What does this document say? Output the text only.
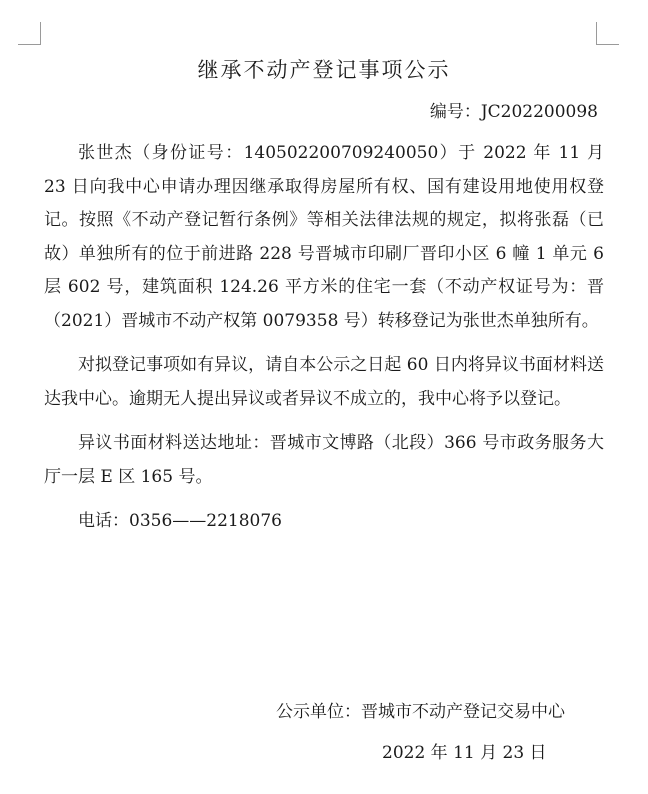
继承不动产登记事项公示
编号：JC202200098

张世杰（身份证号：140502200709240050）于 2022 年 11 月 23 日向我中心申请办理因继承取得房屋所有权、国有建设用地使用权登记。按照《不动产登记暂行条例》等相关法律法规的规定，拟将张磊（已故）单独所有的位于前进路 228 号晋城市印刷厂晋印小区 6 幢 1 单元 6 层 602 号，建筑面积 124.26 平方米的住宅一套（不动产权证号为：晋（2021）晋城市不动产权第 0079358 号）转移登记为张世杰单独所有。

对拟登记事项如有异议，请自本公示之日起 60 日内将异议书面材料送达我中心。逾期无人提出异议或者异议不成立的，我中心将予以登记。

异议书面材料送达地址：晋城市文博路（北段）366 号市政务服务大厅一层 E 区 165 号。

电话：0356——2218076

公示单位：晋城市不动产登记交易中心
2022 年 11 月 23 日
